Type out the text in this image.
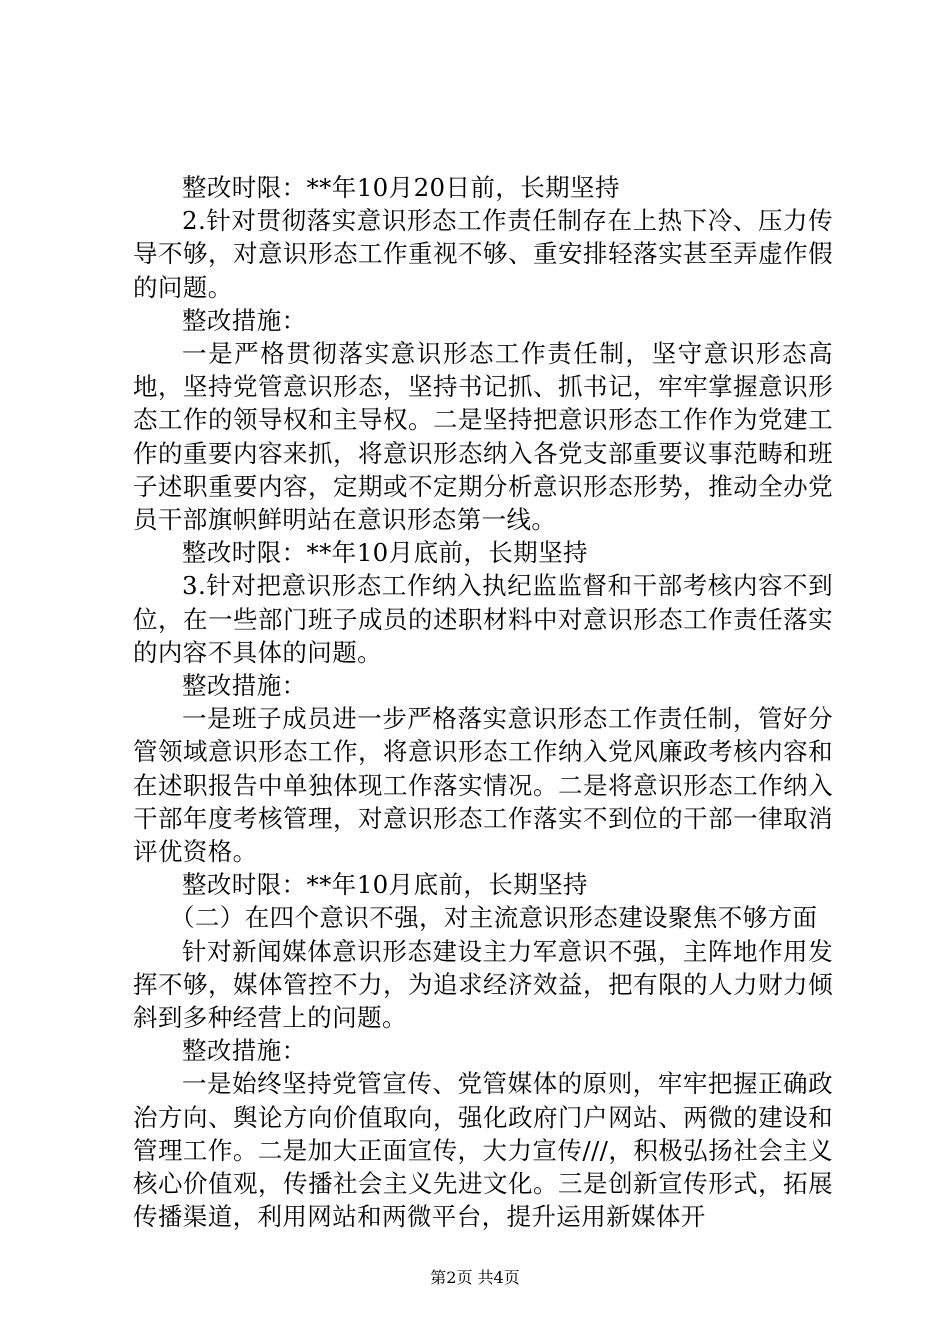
整改时限：**年10月20日前，长期坚持

2.针对贯彻落实意识形态工作责任制存在上热下冷、压力传导不够，对意识形态工作重视不够、重安排轻落实甚至弄虚作假的问题。

整改措施：

一是严格贯彻落实意识形态工作责任制，坚守意识形态高地，坚持党管意识形态，坚持书记抓、抓书记，牢牢掌握意识形态工作的领导权和主导权。二是坚持把意识形态工作作为党建工作的重要内容来抓，将意识形态纳入各党支部重要议事范畴和班子述职重要内容，定期或不定期分析意识形态形势，推动全办党员干部旗帜鲜明站在意识形态第一线。

整改时限：**年10月底前，长期坚持

3.针对把意识形态工作纳入执纪监监督和干部考核内容不到位，在一些部门班子成员的述职材料中对意识形态工作责任落实的内容不具体的问题。

整改措施：

一是班子成员进一步严格落实意识形态工作责任制，管好分管领域意识形态工作，将意识形态工作纳入党风廉政考核内容和在述职报告中单独体现工作落实情况。二是将意识形态工作纳入干部年度考核管理，对意识形态工作落实不到位的干部一律取消评优资格。

整改时限：**年10月底前，长期坚持

（二）在四个意识不强，对主流意识形态建设聚焦不够方面

针对新闻媒体意识形态建设主力军意识不强，主阵地作用发挥不够，媒体管控不力，为追求经济效益，把有限的人力财力倾斜到多种经营上的问题。

整改措施：

一是始终坚持党管宣传、党管媒体的原则，牢牢把握正确政治方向、舆论方向价值取向，强化政府门户网站、两微的建设和管理工作。二是加大正面宣传，大力宣传///，积极弘扬社会主义核心价值观，传播社会主义先进文化。三是创新宣传形式，拓展传播渠道，利用网站和两微平台，提升运用新媒体开

第2页 共4页
